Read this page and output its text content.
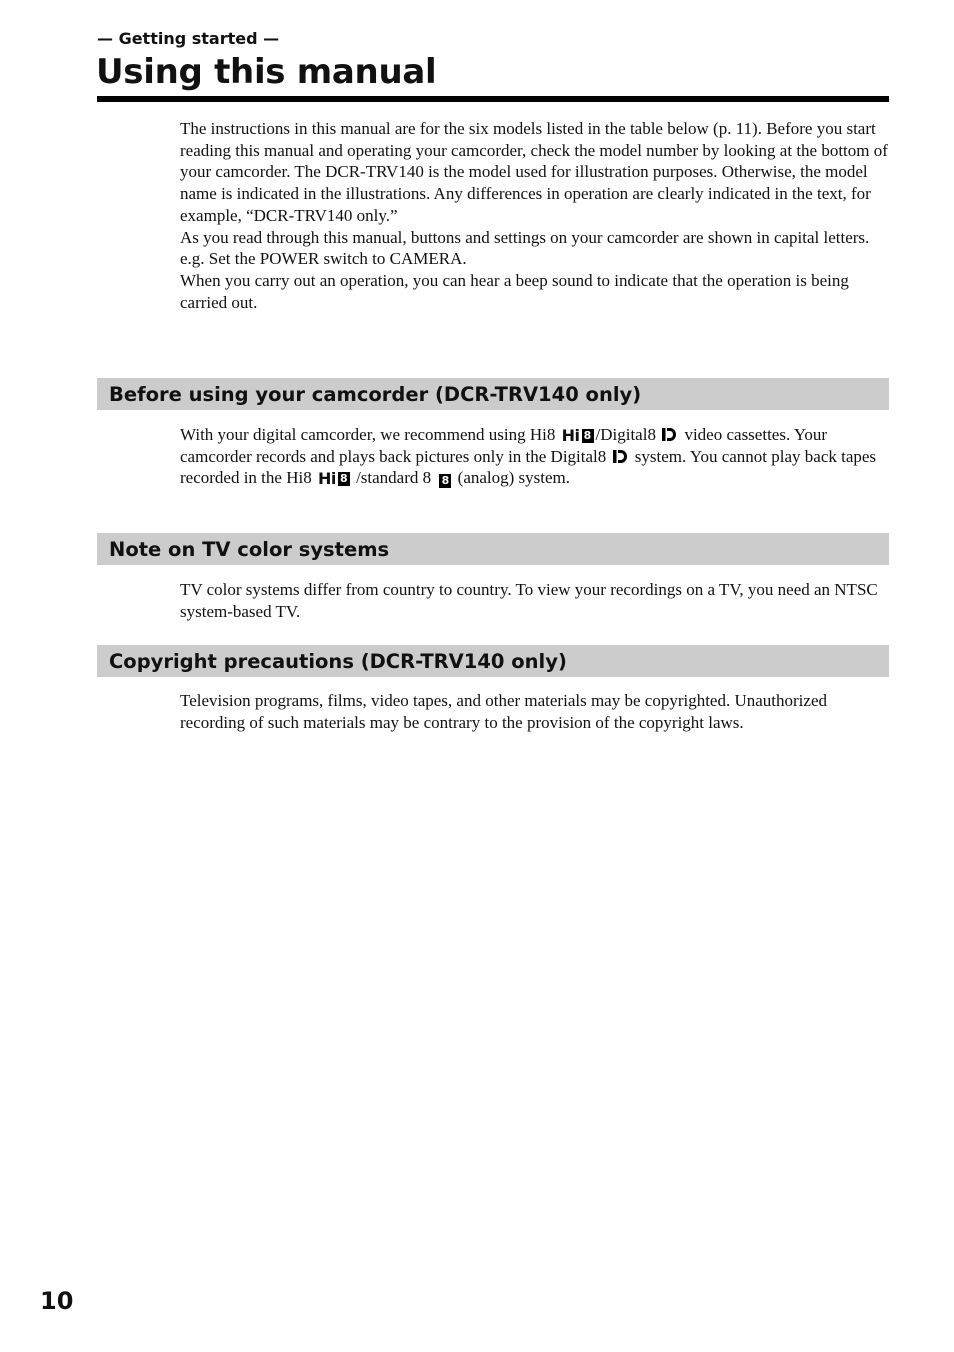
— Getting started —
Using this manual

The instructions in this manual are for the six models listed in the table below (p. 11). Before you start reading this manual and operating your camcorder, check the model number by looking at the bottom of your camcorder. The DCR-TRV140 is the model used for illustration purposes. Otherwise, the model name is indicated in the illustrations. Any differences in operation are clearly indicated in the text, for example, “DCR-TRV140 only.”

As you read through this manual, buttons and settings on your camcorder are shown in capital letters.

e.g. Set the POWER switch to CAMERA.

When you carry out an operation, you can hear a beep sound to indicate that the operation is being carried out.

Before using your camcorder (DCR-TRV140 only)

With your digital camcorder, we recommend using Hi8 Hi 8 /Digital8  video cassettes. Your camcorder records and plays back pictures only in the Digital8  system. You cannot play back tapes recorded in the Hi8 Hi 8 /standard 8 8 (analog) system.

Note on TV color systems

TV color systems differ from country to country. To view your recordings on a TV, you need an NTSC system-based TV.

Copyright precautions (DCR-TRV140 only)

Television programs, films, video tapes, and other materials may be copyrighted. Unauthorized recording of such materials may be contrary to the provision of the copyright laws.

10
